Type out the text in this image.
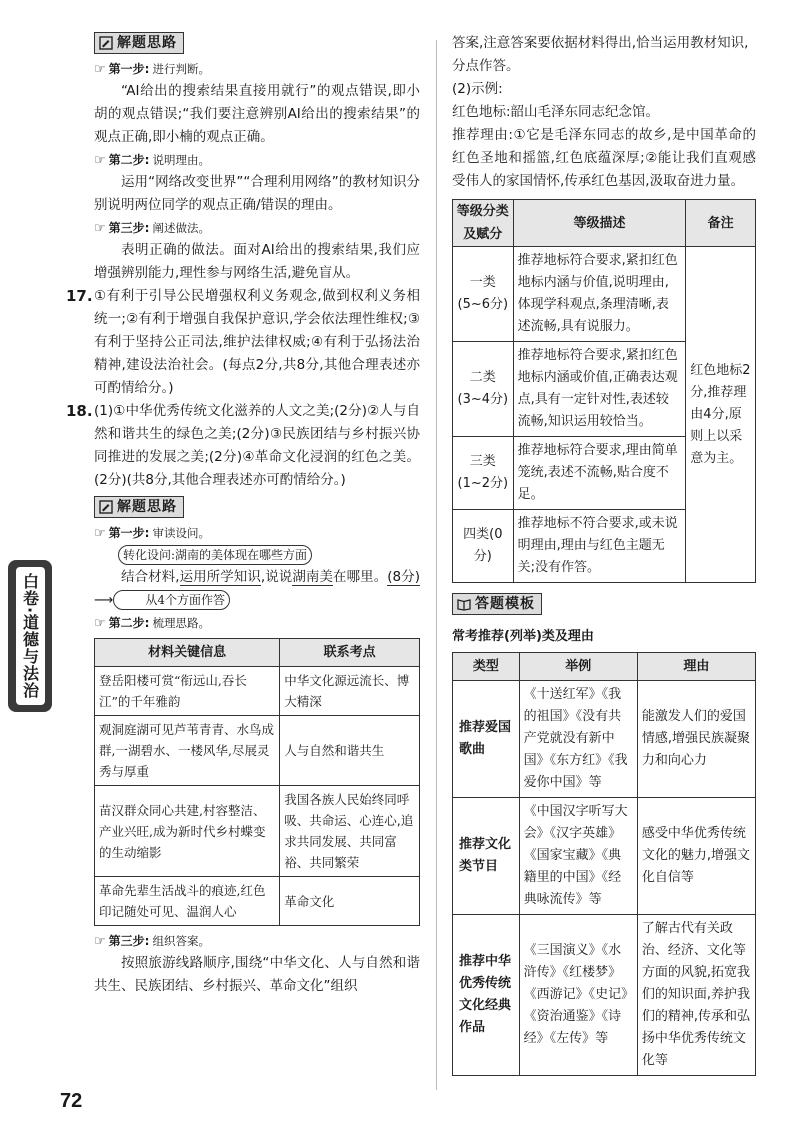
解题思路
☞ 第一步: 进行判断。

“AI给出的搜索结果直接用就行”的观点错误,即小胡的观点错误;“我们要注意辨别AI给出的搜索结果”的观点正确,即小楠的观点正确。

☞ 第二步: 说明理由。

运用“网络改变世界”“合理利用网络”的教材知识分别说明两位同学的观点正确/错误的理由。

☞ 第三步: 阐述做法。

表明正确的做法。面对AI给出的搜索结果,我们应增强辨别能力,理性参与网络生活,避免盲从。

17. ①有利于引导公民增强权利义务观念,做到权利义务相统一;②有利于增强自我保护意识,学会依法理性维权;③有利于坚持公正司法,维护法律权威;④有利于弘扬法治精神,建设法治社会。(每点2分,共8分,其他合理表述亦可酌情给分。)
18. (1)①中华优秀传统文化滋养的人文之美;(2分)②人与自然和谐共生的绿色之美;(2分)③民族团结与乡村振兴协同推进的发展之美;(2分)④革命文化浸润的红色之美。(2分)(共8分,其他合理表述亦可酌情给分。)
解题思路
☞ 第一步: 审读设问。
转化设问:湖南的美体现在哪些方面

结合材料,运用所学知识,说说湖南美在哪里。(8分) ⟶	从4个方面作答

☞ 第二步: 梳理思路。
材料关键信息	联系考点
登岳阳楼可赏“衔远山,吞长江”的千年雅韵	中华文化源远流长、博大精深
观洞庭湖可见芦苇青青、水鸟成群,一湖碧水、一楼风华,尽展灵秀与厚重	人与自然和谐共生
苗汉群众同心共建,村容整洁、产业兴旺,成为新时代乡村蝶变的生动缩影	我国各族人民始终同呼吸、共命运、心连心,追求共同发展、共同富裕、共同繁荣
革命先辈生活战斗的痕迹,红色印记随处可见、温润人心	革命文化
☞ 第三步: 组织答案。

按照旅游线路顺序,围绕“中华文化、人与自然和谐共生、民族团结、乡村振兴、革命文化”组织

答案,注意答案要依据材料得出,恰当运用教材知识,分点作答。

(2)示例:

红色地标:韶山毛泽东同志纪念馆。

推荐理由:①它是毛泽东同志的故乡,是中国革命的红色圣地和摇篮,红色底蕴深厚;②能让我们直观感受伟人的家国情怀,传承红色基因,汲取奋进力量。

等级分类及赋分	等级描述	备注
一类(5~6分)	推荐地标符合要求,紧扣红色地标内涵与价值,说明理由,体现学科观点,条理清晰,表述流畅,具有说服力。	红色地标2分,推荐理由4分,原则上以采意为主。
二类(3~4分)	推荐地标符合要求,紧扣红色地标内涵或价值,正确表达观点,具有一定针对性,表述较流畅,知识运用较恰当。	
三类(1~2分)	推荐地标符合要求,理由简单笼统,表述不流畅,贴合度不足。	
四类(0分)	推荐地标不符合要求,或未说明理由,理由与红色主题无关;没有作答。	
答题模板
常考推荐(列举)类及理由
类型	举例	理由
推荐爱国歌曲	《十送红军》《我的祖国》《没有共产党就没有新中国》《东方红》《我爱你中国》等	能激发人们的爱国情感,增强民族凝聚力和向心力
推荐文化类节目	《中国汉字听写大会》《汉字英雄》《国家宝藏》《典籍里的中国》《经典咏流传》等	感受中华优秀传统文化的魅力,增强文化自信等
推荐中华优秀传统文化经典作品	《三国演义》《水浒传》《红楼梦》《西游记》《史记》《资治通鉴》《诗经》《左传》等	了解古代有关政治、经济、文化等方面的风貌,拓宽我们的知识面,养护我们的精神,传承和弘扬中华优秀传统文化等
白卷·道德与法治
72
